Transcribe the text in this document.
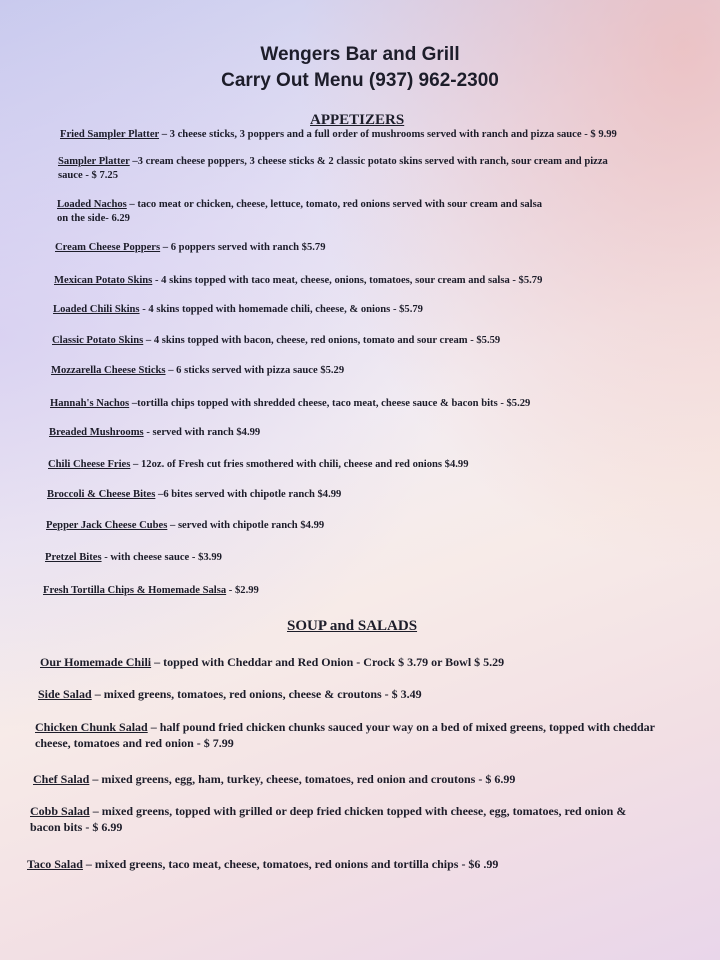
Wengers Bar and Grill
Carry Out Menu (937) 962-2300
APPETIZERS
Fried Sampler Platter – 3 cheese sticks, 3 poppers and a full order of mushrooms served with ranch and pizza sauce - $ 9.99
Sampler Platter –3 cream cheese poppers, 3 cheese sticks & 2 classic potato skins served with ranch, sour cream and pizza
sauce - $ 7.25
Loaded Nachos – taco meat or chicken, cheese, lettuce, tomato, red onions served with sour cream and salsa
on the side- 6.29
Cream Cheese Poppers – 6 poppers served with ranch $5.79
Mexican Potato Skins - 4 skins topped with taco meat, cheese, onions, tomatoes, sour cream and salsa - $5.79
Loaded Chili Skins - 4 skins topped with homemade chili, cheese, & onions - $5.79
Classic Potato Skins – 4 skins topped with bacon, cheese, red onions, tomato and sour cream - $5.59
Mozzarella Cheese Sticks – 6 sticks served with pizza sauce $5.29
Hannah's Nachos –tortilla chips topped with shredded cheese, taco meat, cheese sauce & bacon bits - $5.29
Breaded Mushrooms - served with ranch $4.99
Chili Cheese Fries – 12oz. of Fresh cut fries smothered with chili, cheese and red onions $4.99
Broccoli & Cheese Bites –6 bites served with chipotle ranch $4.99
Pepper Jack Cheese Cubes – served with chipotle ranch $4.99
Pretzel Bites - with cheese sauce - $3.99
Fresh Tortilla Chips & Homemade Salsa - $2.99
SOUP and SALADS
Our Homemade Chili – topped with Cheddar and Red Onion - Crock $ 3.79 or Bowl $ 5.29
Side Salad – mixed greens, tomatoes, red onions, cheese & croutons - $ 3.49
Chicken Chunk Salad – half pound fried chicken chunks sauced your way on a bed of mixed greens, topped with cheddar
cheese, tomatoes and red onion - $ 7.99
Chef Salad – mixed greens, egg, ham, turkey, cheese, tomatoes, red onion and croutons - $ 6.99
Cobb Salad – mixed greens, topped with grilled or deep fried chicken topped with cheese, egg, tomatoes, red onion &
bacon bits - $ 6.99
Taco Salad – mixed greens, taco meat, cheese, tomatoes, red onions and tortilla chips - $6 .99
